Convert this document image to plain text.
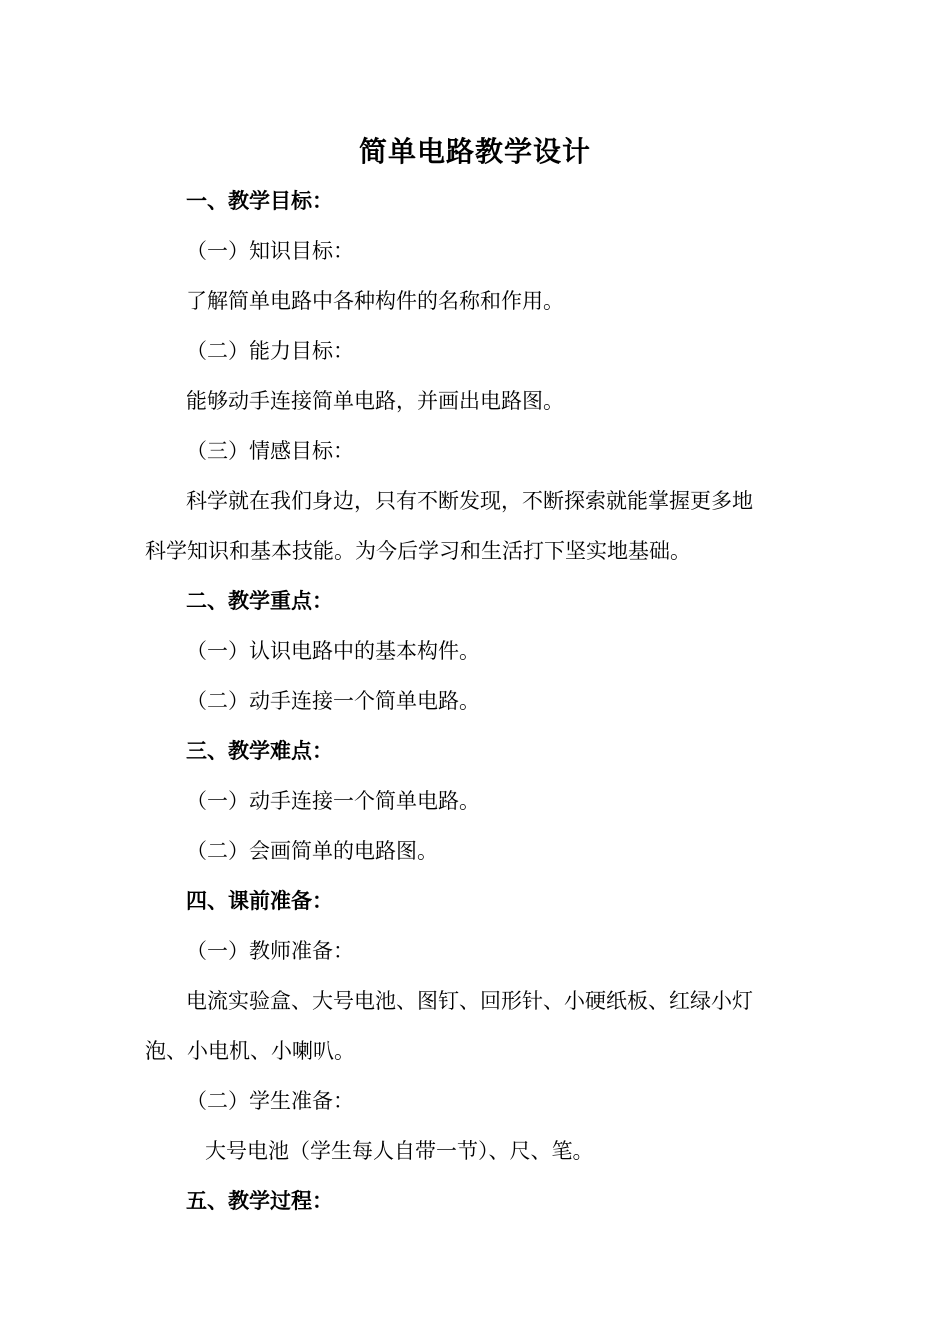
简单电路教学设计
一、教学目标：
（一）知识目标：
了解简单电路中各种构件的名称和作用。
（二）能力目标：
能够动手连接简单电路，并画出电路图。
（三）情感目标：
科学就在我们身边，只有不断发现，不断探索就能掌握更多地
科学知识和基本技能。为今后学习和生活打下坚实地基础。
二、教学重点：
（一）认识电路中的基本构件。
（二）动手连接一个简单电路。
三、教学难点：
（一）动手连接一个简单电路。
（二）会画简单的电路图。
四、课前准备：
（一）教师准备：
电流实验盒、大号电池、图钉、回形针、小硬纸板、红绿小灯
泡、小电机、小喇叭。
（二）学生准备：
大号电池（学生每人自带一节）、尺、笔。
五、教学过程：
